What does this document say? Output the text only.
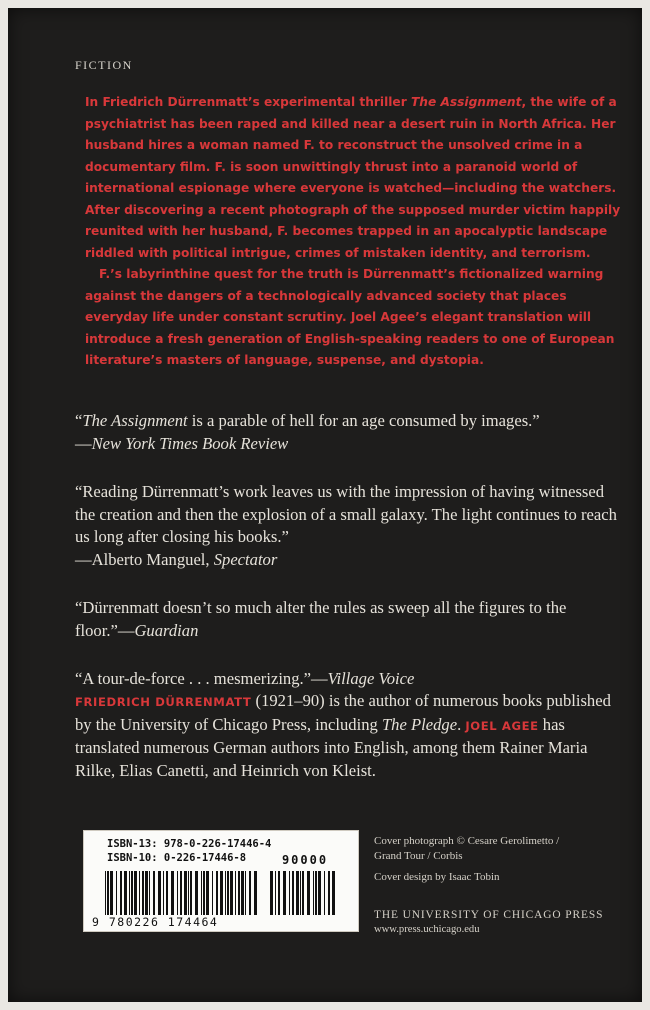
FICTION

In Friedrich Dürrenmatt’s experimental thriller The Assignment, the wife of a psychiatrist has been raped and killed near a desert ruin in North Africa. Her husband hires a woman named F. to reconstruct the unsolved crime in a documentary film. F. is soon unwittingly thrust into a paranoid world of international espionage where everyone is watched—including the watchers. After discovering a recent photograph of the supposed murder victim happily reunited with her husband, F. becomes trapped in an apocalyptic landscape riddled with political intrigue, crimes of mistaken identity, and terrorism.

F.’s labyrinthine quest for the truth is Dürrenmatt’s fictionalized warning against the dangers of a technologically advanced society that places everyday life under constant scrutiny. Joel Agee’s elegant translation will introduce a fresh generation of English-speaking readers to one of European literature’s masters of language, suspense, and dystopia.

“The Assignment is a parable of hell for an age consumed by images.”
—New York Times Book Review
“Reading Dürrenmatt’s work leaves us with the impression of having witnessed the creation and then the explosion of a small galaxy. The light continues to reach us long after closing his books.”
—Alberto Manguel, Spectator
“Dürrenmatt doesn’t so much alter the rules as sweep all the figures to the floor.”—Guardian
“A tour-de-force . . . mesmerizing.”—Village Voice
FRIEDRICH DÜRRENMATT (1921–90) is the author of numerous books published by the University of Chicago Press, including The Pledge. JOEL AGEE has translated numerous German authors into English, among them Rainer Maria Rilke, Elias Canetti, and Heinrich von Kleist.
ISBN-13: 978-0-226-17446-4
ISBN-10: 0-226-17446-8	90000
9 780226 174464
Cover photograph © Cesare Gerolimetto /
Grand Tour / Corbis
Cover design by Isaac Tobin
THE UNIVERSITY OF CHICAGO PRESS
www.press.uchicago.edu
